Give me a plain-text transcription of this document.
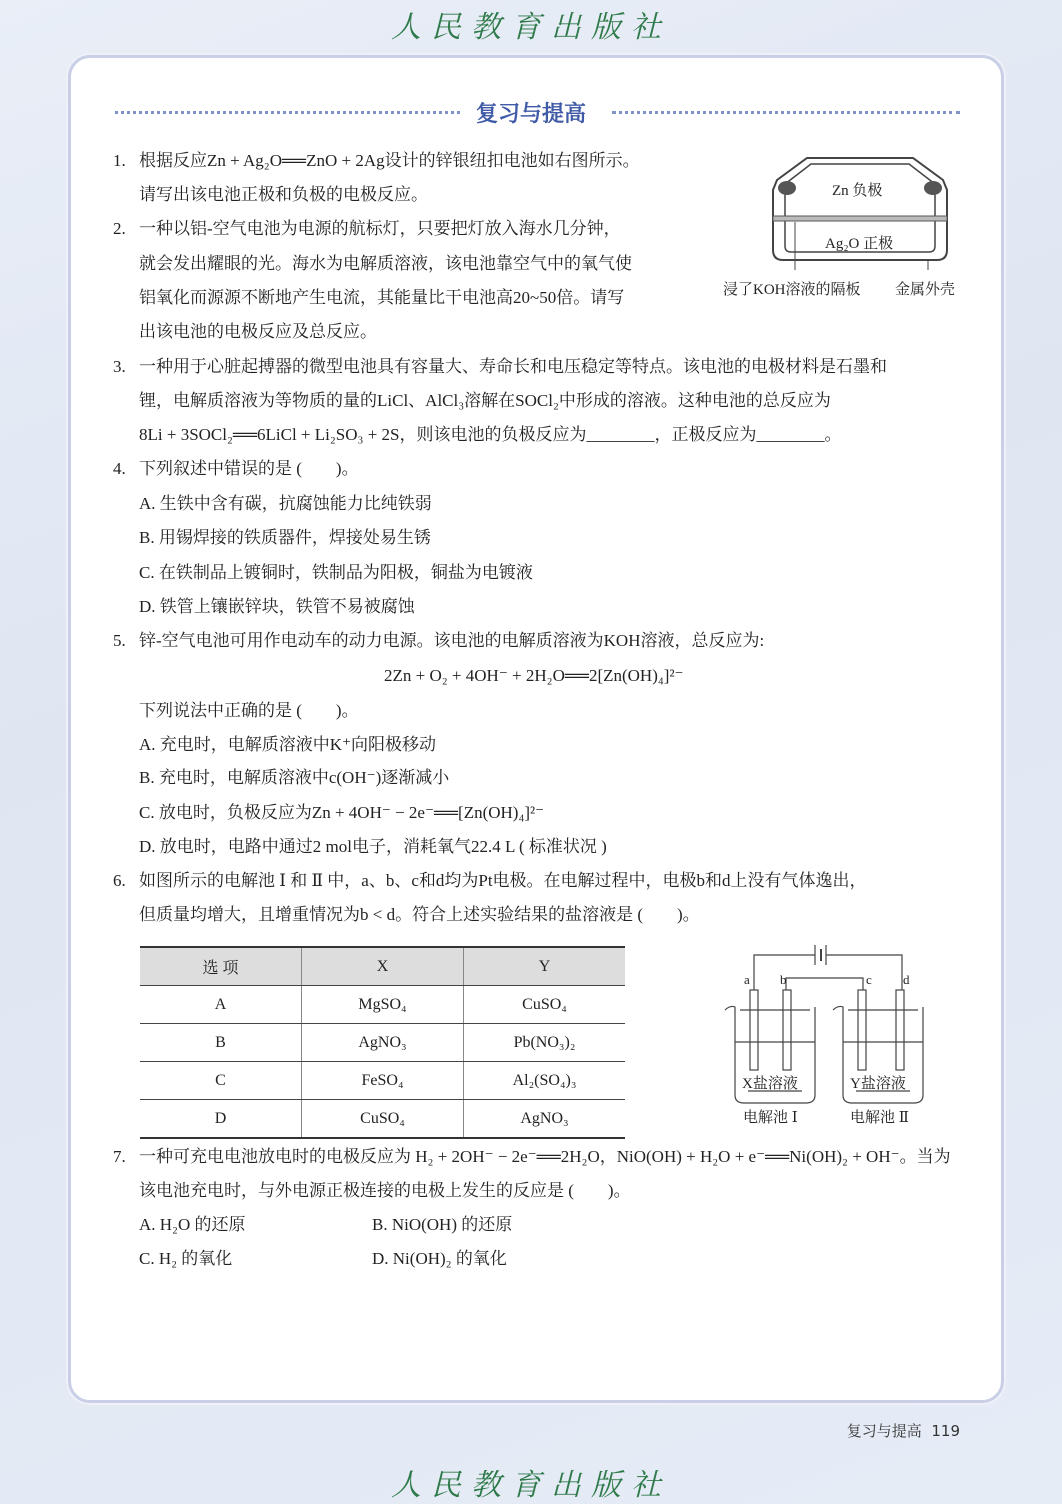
人民教育出版社
复习与提高
1. 根据反应Zn + Ag₂O══ZnO + 2Ag设计的锌银纽扣电池如右图所示。
请写出该电池正极和负极的电极反应。	Zn 负极
Ag₂O 正极
浸了KOH溶液的隔板 金属外壳
2. 一种以铝-空气电池为电源的航标灯，只要把灯放入海水几分钟，
就会发出耀眼的光。海水为电解质溶液，该电池靠空气中的氧气使
铝氧化而源源不断地产生电流，其能量比干电池高20~50倍。请写
出该电池的电极反应及总反应。
3. 一种用于心脏起搏器的微型电池具有容量大、寿命长和电压稳定等特点。该电池的电极材料是石墨和
锂，电解质溶液为等物质的量的LiCl、AlCl₃溶解在SOCl₂中形成的溶液。这种电池的总反应为
8Li + 3SOCl₂══6LiCl + Li₂SO₃ + 2S，则该电池的负极反应为________，正极反应为________。
4. 下列叙述中错误的是 (　　)。
A. 生铁中含有碳，抗腐蚀能力比纯铁弱
B. 用锡焊接的铁质器件，焊接处易生锈
C. 在铁制品上镀铜时，铁制品为阳极，铜盐为电镀液
D. 铁管上镶嵌锌块，铁管不易被腐蚀
5. 锌-空气电池可用作电动车的动力电源。该电池的电解质溶液为KOH溶液，总反应为:
2Zn + O₂ + 4OH⁻ + 2H₂O══2[Zn(OH)₄]²⁻
下列说法中正确的是 (　　)。
A. 充电时，电解质溶液中K⁺向阳极移动
B. 充电时，电解质溶液中c(OH⁻)逐渐减小
C. 放电时，负极反应为Zn + 4OH⁻ − 2e⁻══[Zn(OH)₄]²⁻
D. 放电时，电路中通过2 mol电子，消耗氧气22.4 L ( 标准状况 )
6. 如图所示的电解池 Ⅰ 和 Ⅱ 中，a、b、c和d均为Pt电极。在电解过程中，电极b和d上没有气体逸出，
但质量均增大，且增重情况为b < d。符合上述实验结果的盐溶液是 (　　)。
选 项	X	Y
A	MgSO₄	CuSO₄
B	AgNO₃	Pb(NO₃)₂
C	FeSO₄	Al₂(SO₄)₃
D	CuSO₄	AgNO₃
a b	c d
X盐溶液	Y盐溶液
电解池 Ⅰ	电解池 Ⅱ
7. 一种可充电电池放电时的电极反应为 H₂ + 2OH⁻ − 2e⁻══2H₂O，NiO(OH) + H₂O + e⁻══Ni(OH)₂ + OH⁻。当为
该电池充电时，与外电源正极连接的电极上发生的反应是 (　　)。
A. H₂O 的还原	B. NiO(OH) 的还原
C. H₂ 的氧化	D. Ni(OH)₂ 的氧化
复习与提高 119
人民教育出版社
